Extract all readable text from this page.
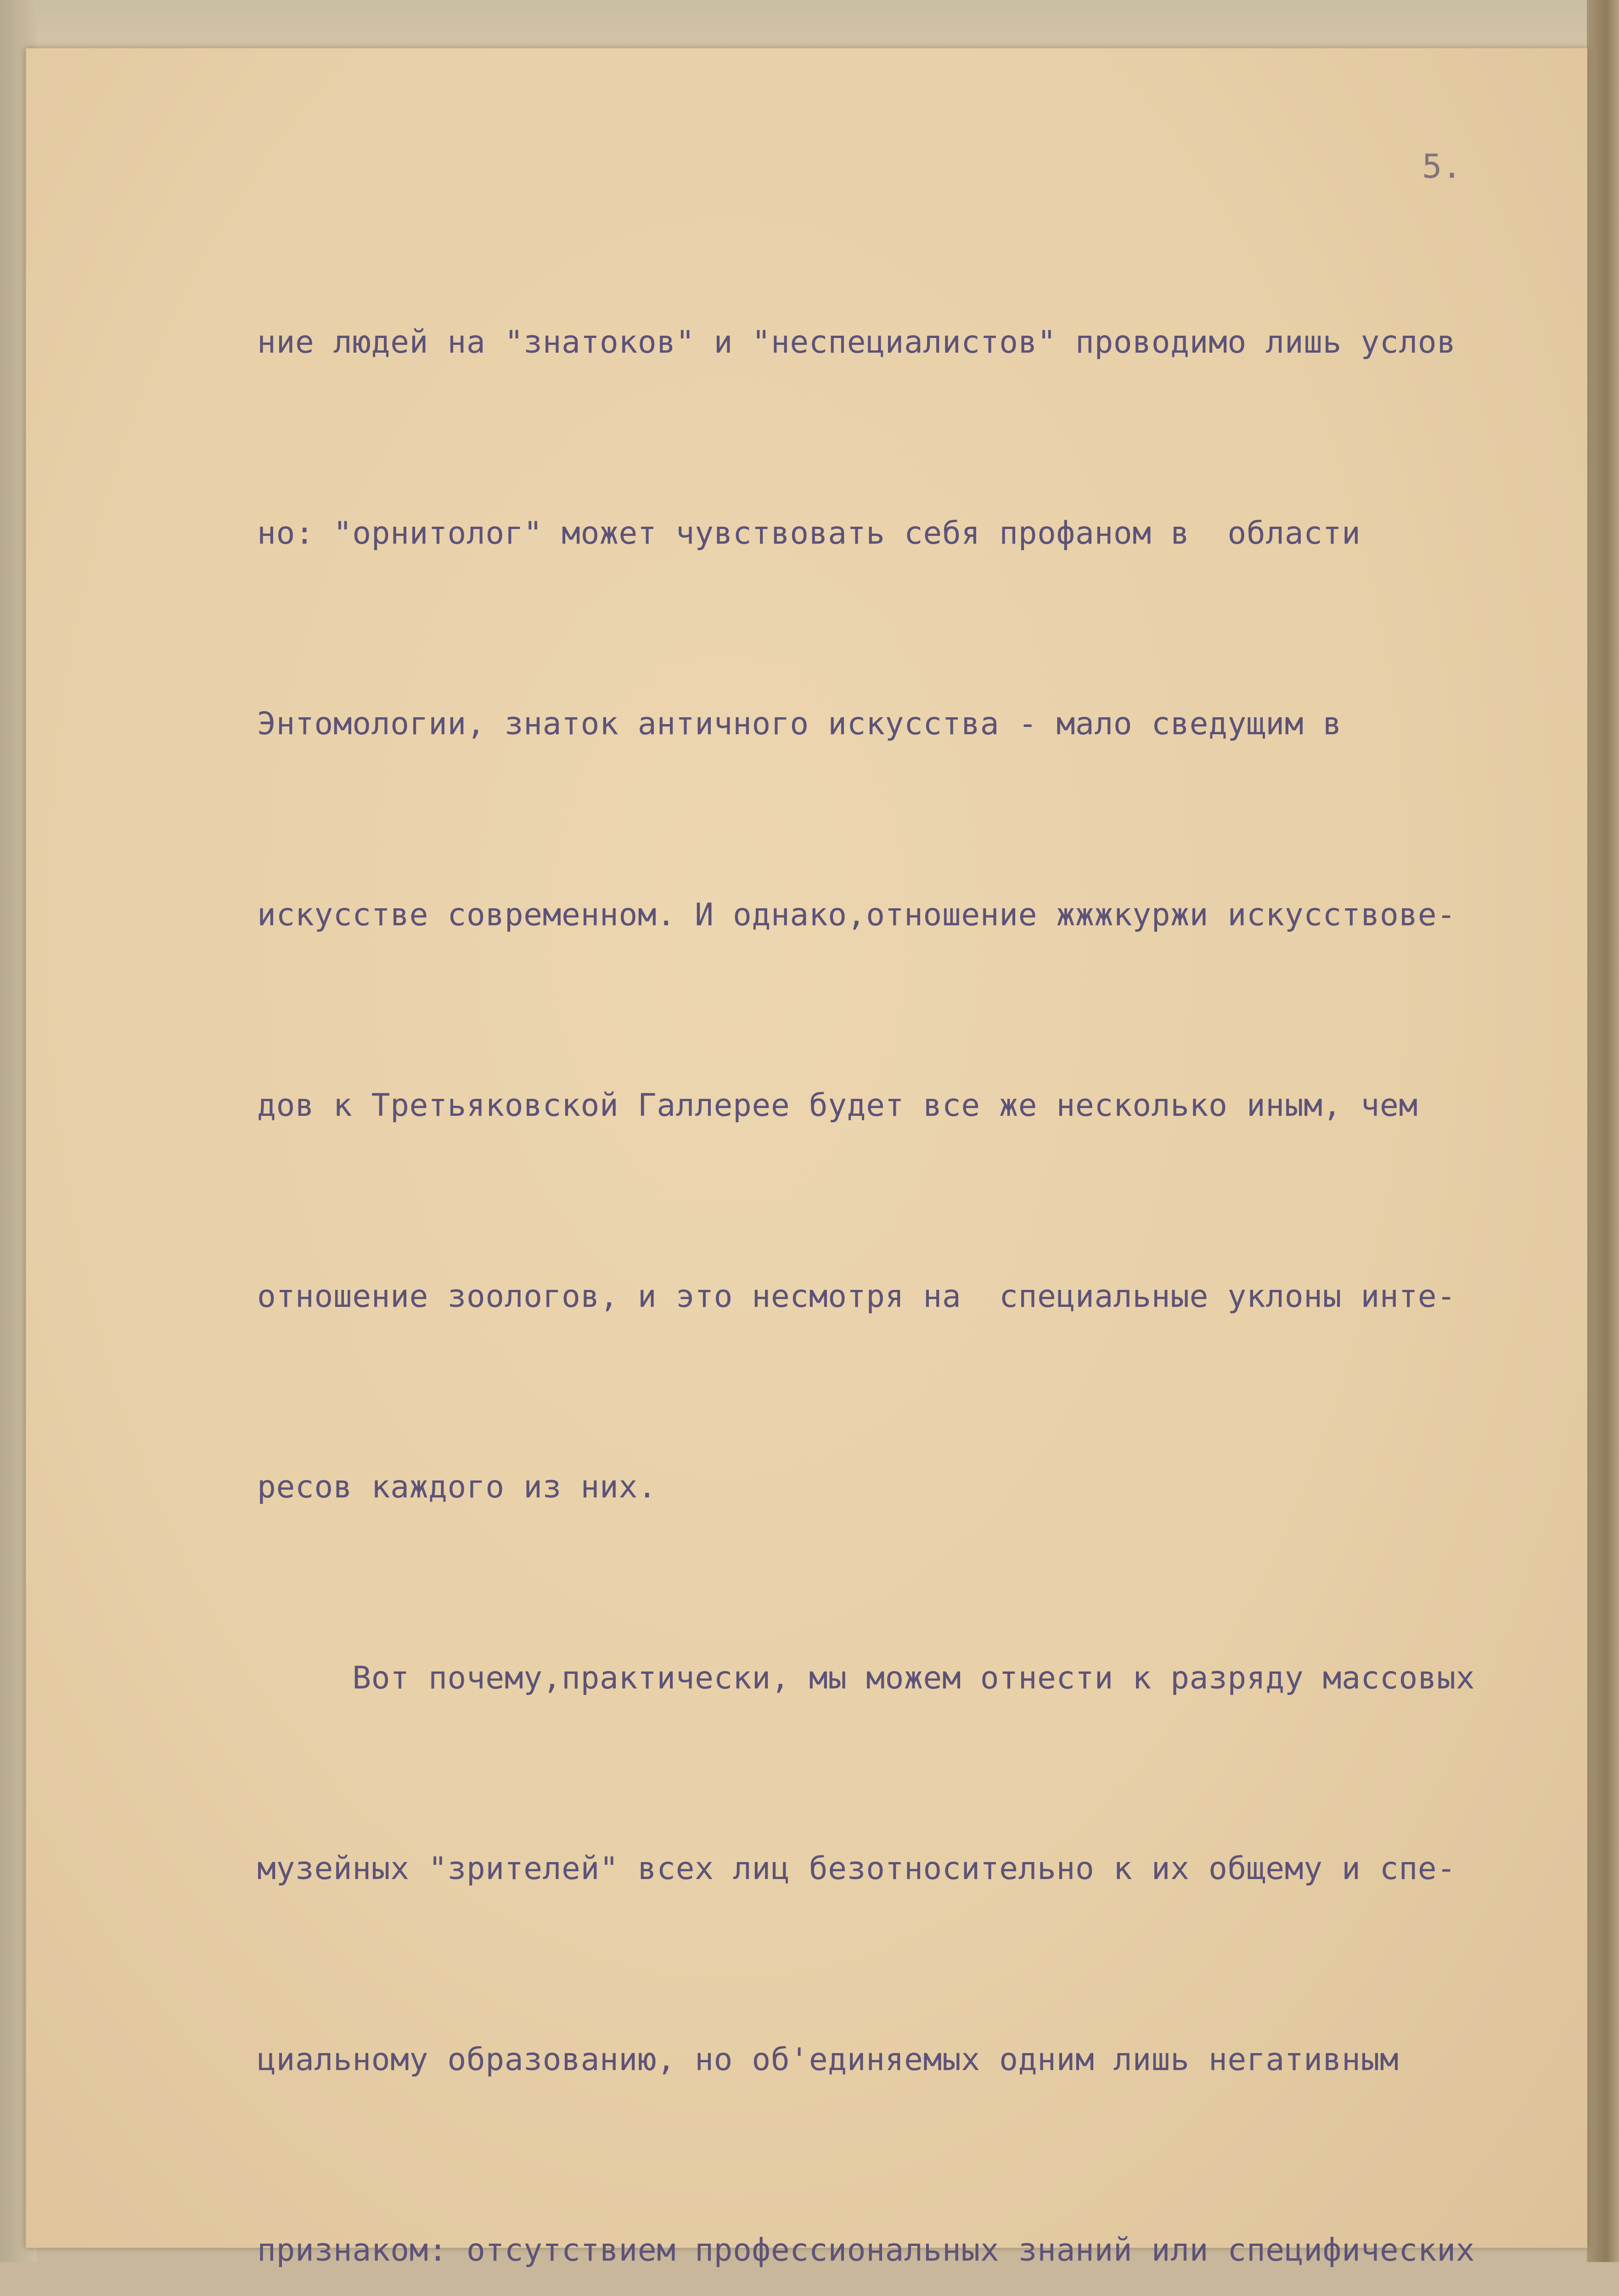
5.

ние людей на "знатоков" и "неспециалистов" проводимо лишь услов

но: "орнитолог" может чувствовать себя профаном в  области

Энтомологии, знаток античного искусства - мало сведущим в

искусстве современном. И однако,отношение жжжкуржи искусствове-

дов к Третьяковской Галлерее будет все же несколько иным, чем

отношение зоологов, и это несмотря на  специальные уклоны инте-

ресов каждого из них.

Вот почему,практически, мы можем отнести к разряду массовых

музейных "зрителей" всех лиц безотносительно к их общему и спе-

циальному образованию, но об'единяемых одним лишь негативным

признаком: отсутствием профессиональных знаний или специфических
